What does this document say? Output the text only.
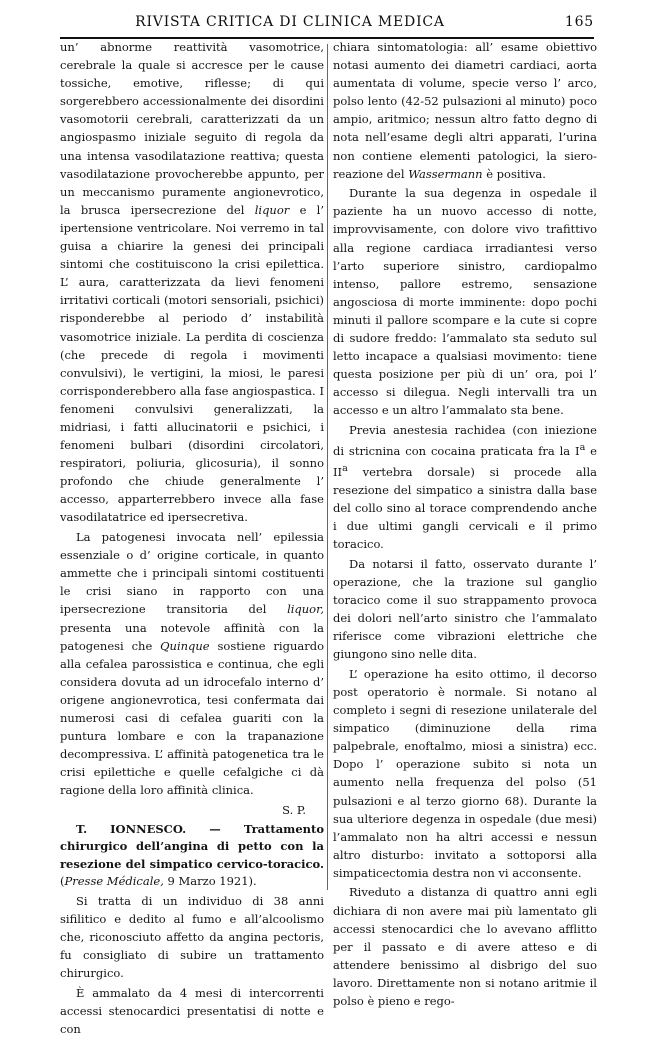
RIVISTA CRITICA DI CLINICA MEDICA	165

un’ abnorme reattività vasomotrice, cerebrale la quale si accresce per le cause tossiche, emotive, riflesse; di qui sorgerebbero accessionalmente dei disordini vasomotorii cerebrali, caratterizzati da un angiospasmo iniziale seguito di regola da una intensa vasodilatazione reattiva; questa vasodilatazione provocherebbe appunto, per un meccanismo puramente angionevrotico, la brusca ipersecrezione del liquor e l’ ipertensione ventricolare. Noi verremo in tal guisa a chiarire la genesi dei principali sintomi che costituiscono la crisi epilettica. L’ aura, caratterizzata da lievi fenomeni irritativi corticali (motori sensoriali, psichici) risponderebbe al periodo d’ instabilità vasomotrice iniziale. La perdita di coscienza (che precede di regola i movimenti convulsivi), le vertigini, la miosi, le paresi corrisponderebbero alla fase angiospastica. I fenomeni convulsivi generalizzati, la midriasi, i fatti allucinatorii e psichici, i fenomeni bulbari (disordini circolatori, respiratori, poliuria, glicosuria), il sonno profondo che chiude generalmente l’ accesso, apparterrebbero invece alla fase vasodilatatrice ed ipersecretiva.

La patogenesi invocata nell’ epilessia essenziale o d’ origine corticale, in quanto ammette che i principali sintomi costituenti le crisi siano in rapporto con una ipersecrezione transitoria del liquor, presenta una notevole affinità con la patogenesi che Quinque sostiene riguardo alla cefalea parossistica e continua, che egli considera dovuta ad un idrocefalo interno d’ origene angionevrotica, tesi confermata dai numerosi casi di cefalea guariti con la puntura lombare e con la trapanazione decompressiva. L’ affinità patogenetica tra le crisi epilettiche e quelle cefalgiche ci dà ragione della loro affinità clinica.

S. P.

T. IONNESCO. — Trattamento chirurgico dell’angina di petto con la resezione del simpatico cervico-toracico. (Presse Médicale, 9 Marzo 1921).

Si tratta di un individuo di 38 anni sifilitico e dedito al fumo e all’alcoolismo che, riconosciuto affetto da angina pectoris, fu consigliato di subire un trattamento chirurgico.

È ammalato da 4 mesi di intercorrenti accessi stenocardici presentatisi di notte e con

chiara sintomatologia: all’ esame obiettivo notasi aumento dei diametri cardiaci, aorta aumentata di volume, specie verso l’ arco, polso lento (42-52 pulsazioni al minuto) poco ampio, aritmico; nessun altro fatto degno di nota nell’esame degli altri apparati, l’urina non contiene elementi patologici, la siero-reazione del Wassermann è positiva.

Durante la sua degenza in ospedale il paziente ha un nuovo accesso di notte, improvvisamente, con dolore vivo trafittivo alla regione cardiaca irradiantesi verso l’arto superiore sinistro, cardiopalmo intenso, pallore estremo, sensazione angosciosa di morte imminente: dopo pochi minuti il pallore scompare e la cute si copre di sudore freddo: l’ammalato sta seduto sul letto incapace a qualsiasi movimento: tiene questa posizione per più di un’ ora, poi l’ accesso si dilegua. Negli intervalli tra un accesso e un altro l’ammalato sta bene.

Previa anestesia rachidea (con iniezione di stricnina con cocaina praticata fra la $I^a$ e $II^a$ vertebra dorsale) si procede alla resezione del simpatico a sinistra dalla base del collo sino al torace comprendendo anche i due ultimi gangli cervicali e il primo toracico.

Da notarsi il fatto, osservato durante l’ operazione, che la trazione sul ganglio toracico come il suo strappamento provoca dei dolori nell’arto sinistro che l’ammalato riferisce come vibrazioni elettriche che giungono sino nelle dita.

L’ operazione ha esito ottimo, il decorso post operatorio è normale. Si notano al completo i segni di resezione unilaterale del simpatico (diminuzione della rima palpebrale, enoftalmo, miosi a sinistra) ecc. Dopo l’ operazione subito si nota un aumento nella frequenza del polso (51 pulsazioni e al terzo giorno 68). Durante la sua ulteriore degenza in ospedale (due mesi) l’ammalato non ha altri accessi e nessun altro disturbo: invitato a sottoporsi alla simpaticectomia destra non vi acconsente.

Riveduto a distanza di quattro anni egli dichiara di non avere mai più lamentato gli accessi stenocardici che lo avevano afflitto per il passato e di avere atteso e di attendere benissimo al disbrigo del suo lavoro. Direttamente non si notano aritmie il polso è pieno e rego-
